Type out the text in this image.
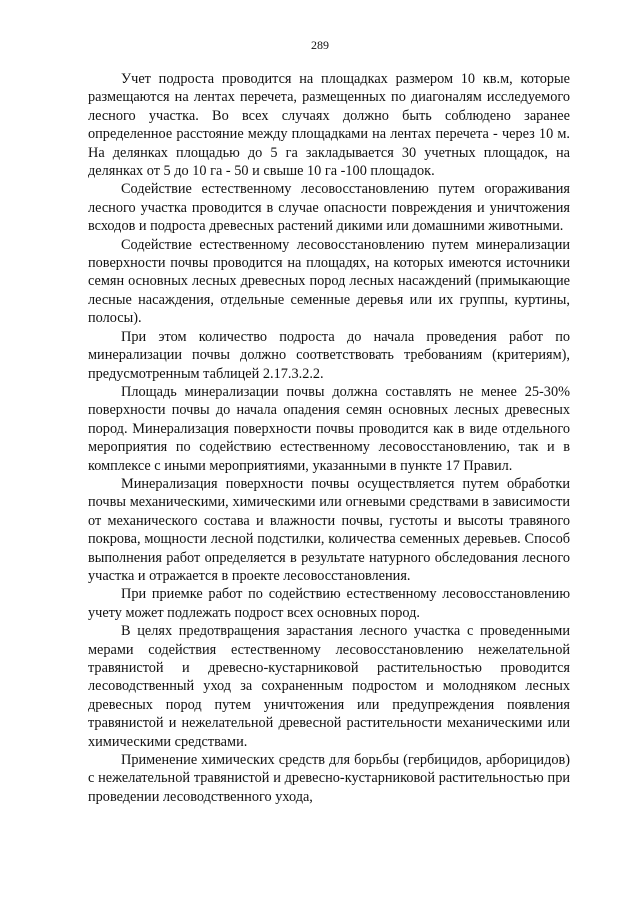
289

Учет подроста проводится на площадках размером 10 кв.м, которые размещаются на лентах перечета, размещенных по диагоналям исследуемого лесного участка. Во всех случаях должно быть соблюдено заранее определенное расстояние между площадками на лентах перечета - через 10 м. На делянках площадью до 5 га закладывается 30 учетных площадок, на делянках от 5 до 10 га - 50 и свыше 10 га -100 площадок.

Содействие естественному лесовосстановлению путем огораживания лесного участка проводится в случае опасности повреждения и уничтожения всходов и подроста древесных растений дикими или домашними животными.

Содействие естественному лесовосстановлению путем минерализации поверхности почвы проводится на площадях, на которых имеются источники семян основных лесных древесных пород лесных насаждений (примыкающие лесные насаждения, отдельные семенные деревья или их группы, куртины, полосы).

При этом количество подроста до начала проведения работ по минерализации почвы должно соответствовать требованиям (критериям), предусмотренным таблицей 2.17.3.2.2.

Площадь минерализации почвы должна составлять не менее 25-30% поверхности почвы до начала опадения семян основных лесных древесных пород. Минерализация поверхности почвы проводится как в виде отдельного мероприятия по содействию естественному лесовосстановлению, так и в комплексе с иными мероприятиями, указанными в пункте 17 Правил.

Минерализация поверхности почвы осуществляется путем обработки почвы механическими, химическими или огневыми средствами в зависимости от механического состава и влажности почвы, густоты и высоты травяного покрова, мощности лесной подстилки, количества семенных деревьев. Способ выполнения работ определяется в результате натурного обследования лесного участка и отражается в проекте лесовосстановления.

При приемке работ по содействию естественному лесовосстановлению учету может подлежать подрост всех основных пород.

В целях предотвращения зарастания лесного участка с проведенными мерами содействия естественному лесовосстановлению нежелательной травянистой и древесно-кустарниковой растительностью проводится лесоводственный уход за сохраненным подростом и молодняком лесных древесных пород путем уничтожения или предупреждения появления травянистой и нежелательной древесной растительности механическими или химическими средствами.

Применение химических средств для борьбы (гербицидов, арборицидов) с нежелательной травянистой и древесно-кустарниковой растительностью при проведении лесоводственного ухода,
